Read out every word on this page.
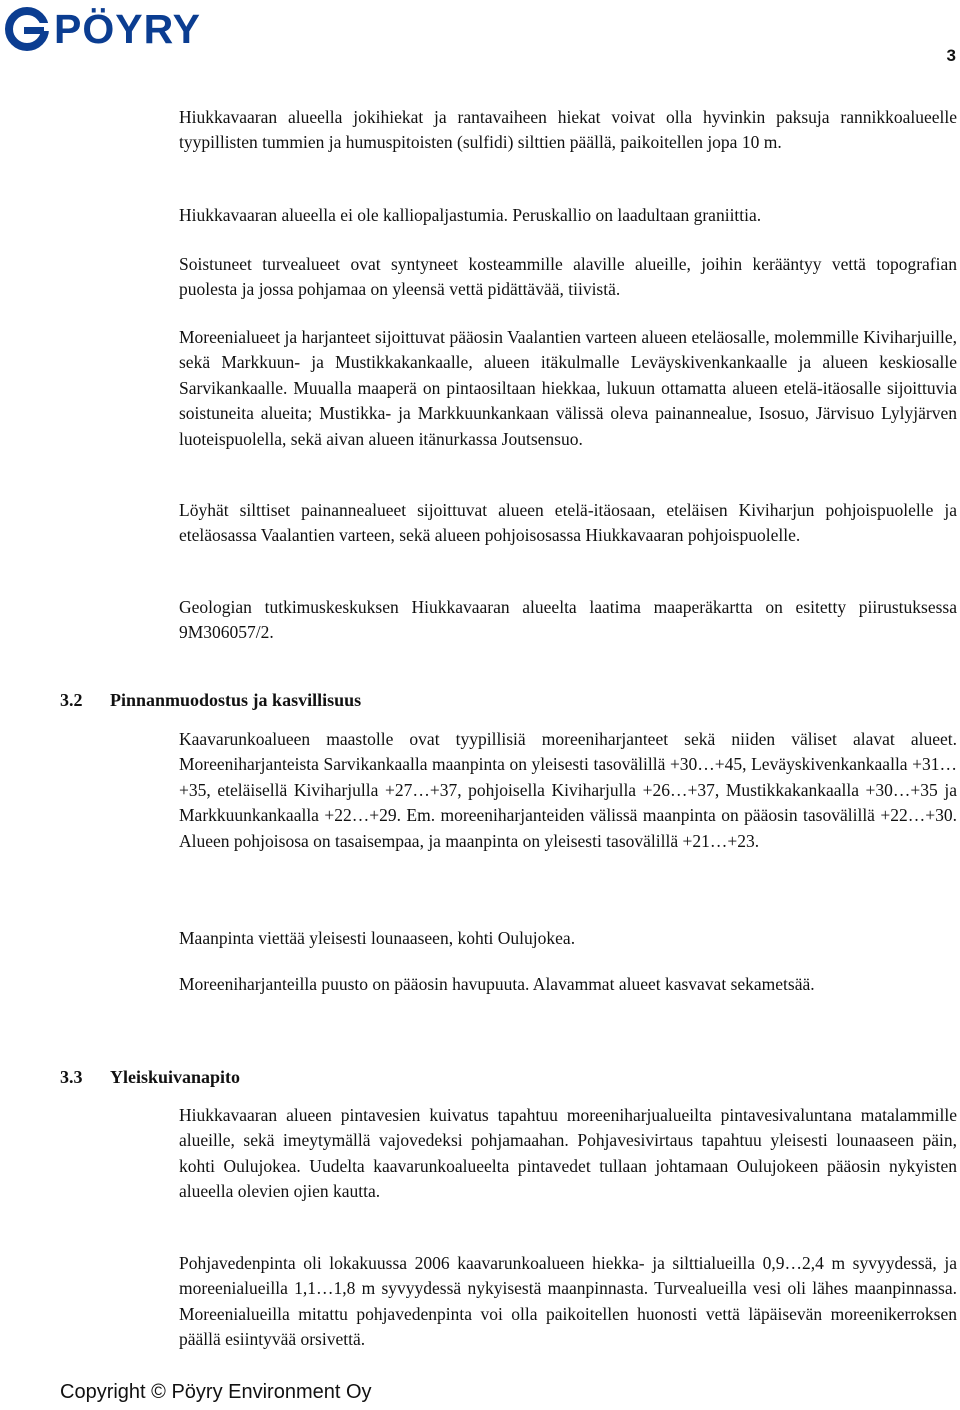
PÖYRY
3

Hiukkavaaran alueella jokihiekat ja rantavaiheen hiekat voivat olla hyvinkin paksuja rannikkoalueelle tyypillisten tummien ja humuspitoisten (sulfidi) silttien päällä, paikoitellen jopa 10 m.

Hiukkavaaran alueella ei ole kalliopaljastumia. Peruskallio on laadultaan graniittia.

Soistuneet turvealueet ovat syntyneet kosteammille alaville alueille, joihin kerääntyy vettä topografian puolesta ja jossa pohjamaa on yleensä vettä pidättävää, tiivistä.

Moreenialueet ja harjanteet sijoittuvat pääosin Vaalantien varteen alueen eteläosalle, molemmille Kiviharjuille, sekä Markkuun- ja Mustikkakankaalle, alueen itäkulmalle Leväyskivenkankaalle ja alueen keskiosalle Sarvikankaalle. Muualla maaperä on pintaosiltaan hiekkaa, lukuun ottamatta alueen etelä-itäosalle sijoittuvia soistuneita alueita; Mustikka- ja Markkuunkankaan välissä oleva painannealue, Isosuo, Järvisuo Lylyjärven luoteispuolella, sekä aivan alueen itänurkassa Joutsensuo.

Löyhät silttiset painannealueet sijoittuvat alueen etelä-itäosaan, eteläisen Kiviharjun pohjoispuolelle ja eteläosassa Vaalantien varteen, sekä alueen pohjoisosassa Hiukkavaaran pohjoispuolelle.

Geologian tutkimuskeskuksen Hiukkavaaran alueelta laatima maaperäkartta on esitetty piirustuksessa 9M306057/2.

3.2 Pinnanmuodostus ja kasvillisuus

Kaavarunkoalueen maastolle ovat tyypillisiä moreeniharjanteet sekä niiden väliset alavat alueet. Moreeniharjanteista Sarvikankaalla maanpinta on yleisesti tasovälillä +30…+45, Leväyskivenkankaalla +31…+35, eteläisellä Kiviharjulla +27…+37, pohjoisella Kiviharjulla +26…+37, Mustikkakankaalla +30…+35 ja Markkuunkankaalla +22…+29. Em. moreeniharjanteiden välissä maanpinta on pääosin tasovälillä +22…+30. Alueen pohjoisosa on tasaisempaa, ja maanpinta on yleisesti tasovälillä +21…+23.

Maanpinta viettää yleisesti lounaaseen, kohti Oulujokea.

Moreeniharjanteilla puusto on pääosin havupuuta. Alavammat alueet kasvavat sekametsää.

3.3 Yleiskuivanapito

Hiukkavaaran alueen pintavesien kuivatus tapahtuu moreeniharjualueilta pintavesivaluntana matalammille alueille, sekä imeytymällä vajovedeksi pohjamaahan. Pohjavesivirtaus tapahtuu yleisesti lounaaseen päin, kohti Oulujokea. Uudelta kaavarunkoalueelta pintavedet tullaan johtamaan Oulujokeen pääosin nykyisten alueella olevien ojien kautta.

Pohjavedenpinta oli lokakuussa 2006 kaavarunkoalueen hiekka- ja silttialueilla 0,9…2,4 m syvyydessä, ja moreenialueilla 1,1…1,8 m syvyydessä nykyisestä maanpinnasta. Turvealueilla vesi oli lähes maanpinnassa. Moreenialueilla mitattu pohjavedenpinta voi olla paikoitellen huonosti vettä läpäisevän moreenikerroksen päällä esiintyvää orsivettä.

Copyright © Pöyry Environment Oy
